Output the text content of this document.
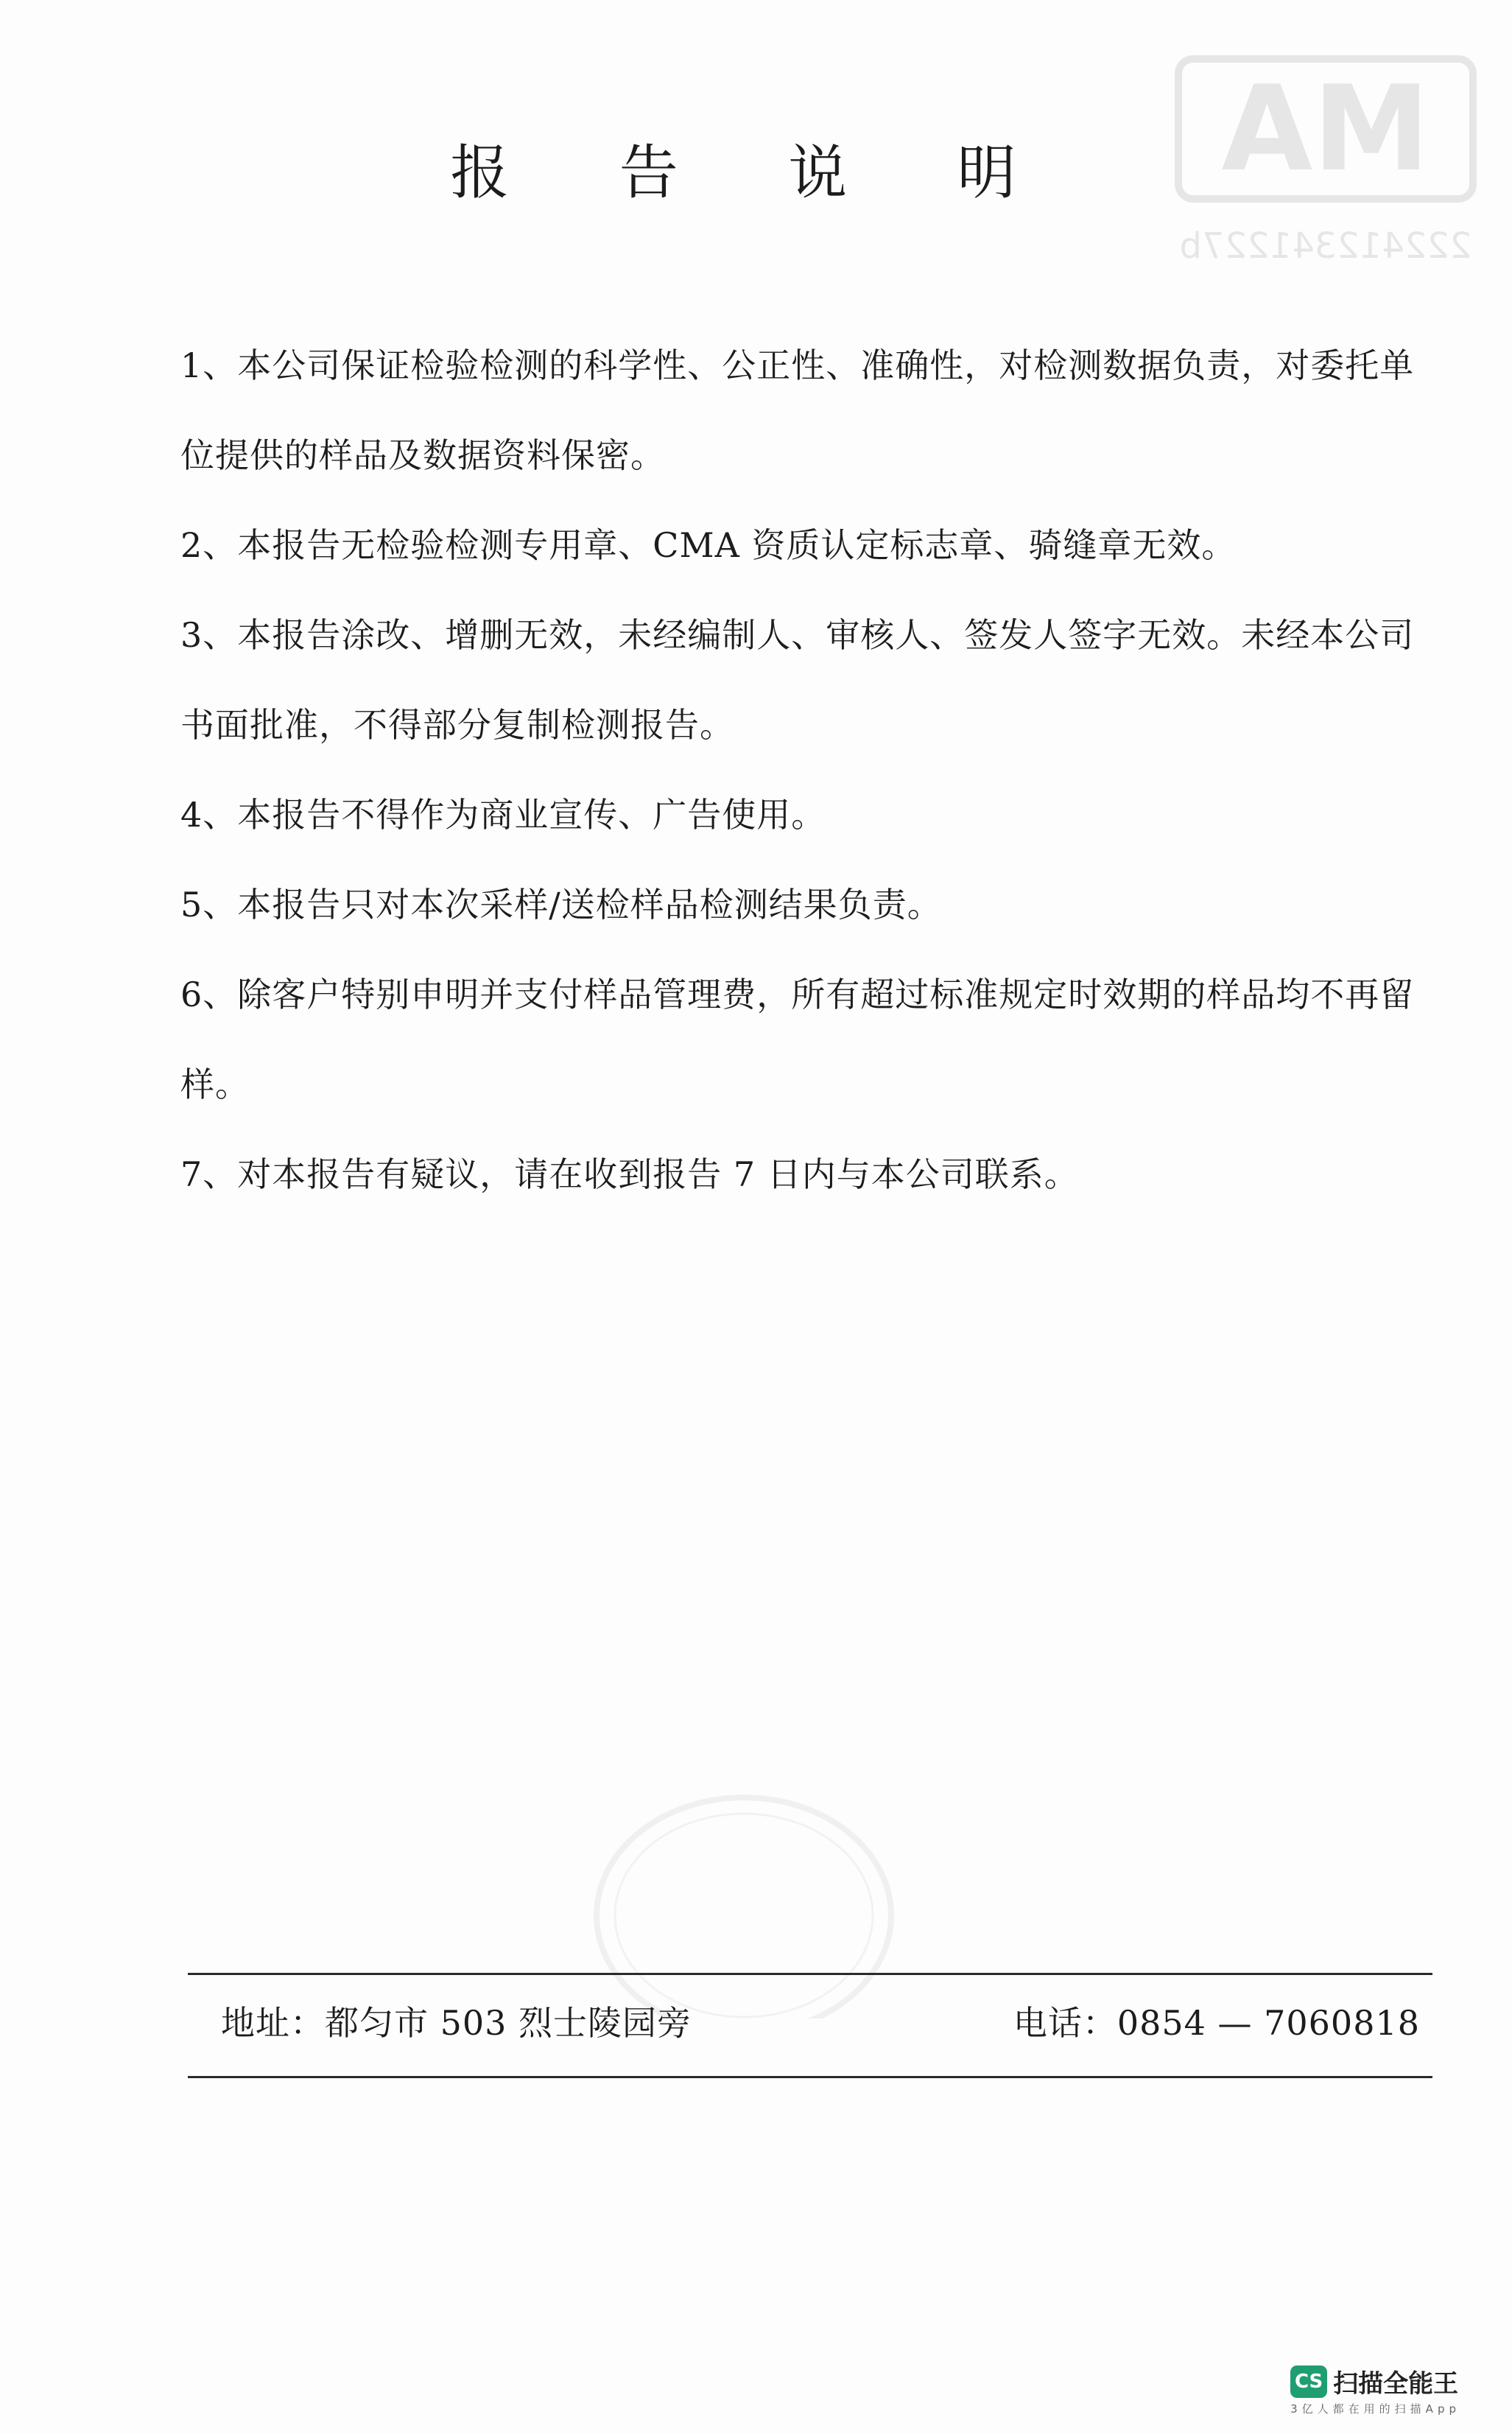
MA
222412341227b
报 告 说 明

1、本公司保证检验检测的科学性、公正性、准确性，对检测数据负责，对委托单位提供的样品及数据资料保密。

2、本报告无检验检测专用章、CMA 资质认定标志章、骑缝章无效。

3、本报告涂改、增删无效，未经编制人、审核人、签发人签字无效。未经本公司书面批准，不得部分复制检测报告。

4、本报告不得作为商业宣传、广告使用。

5、本报告只对本次采样/送检样品检测结果负责。

6、除客户特别申明并支付样品管理费，所有超过标准规定时效期的样品均不再留样。

7、对本报告有疑议，请在收到报告 7 日内与本公司联系。

地址：都匀市 503 烈士陵园旁	电话：0854 — 7060818
CS 扫描全能王
3亿人都在用的扫描App
